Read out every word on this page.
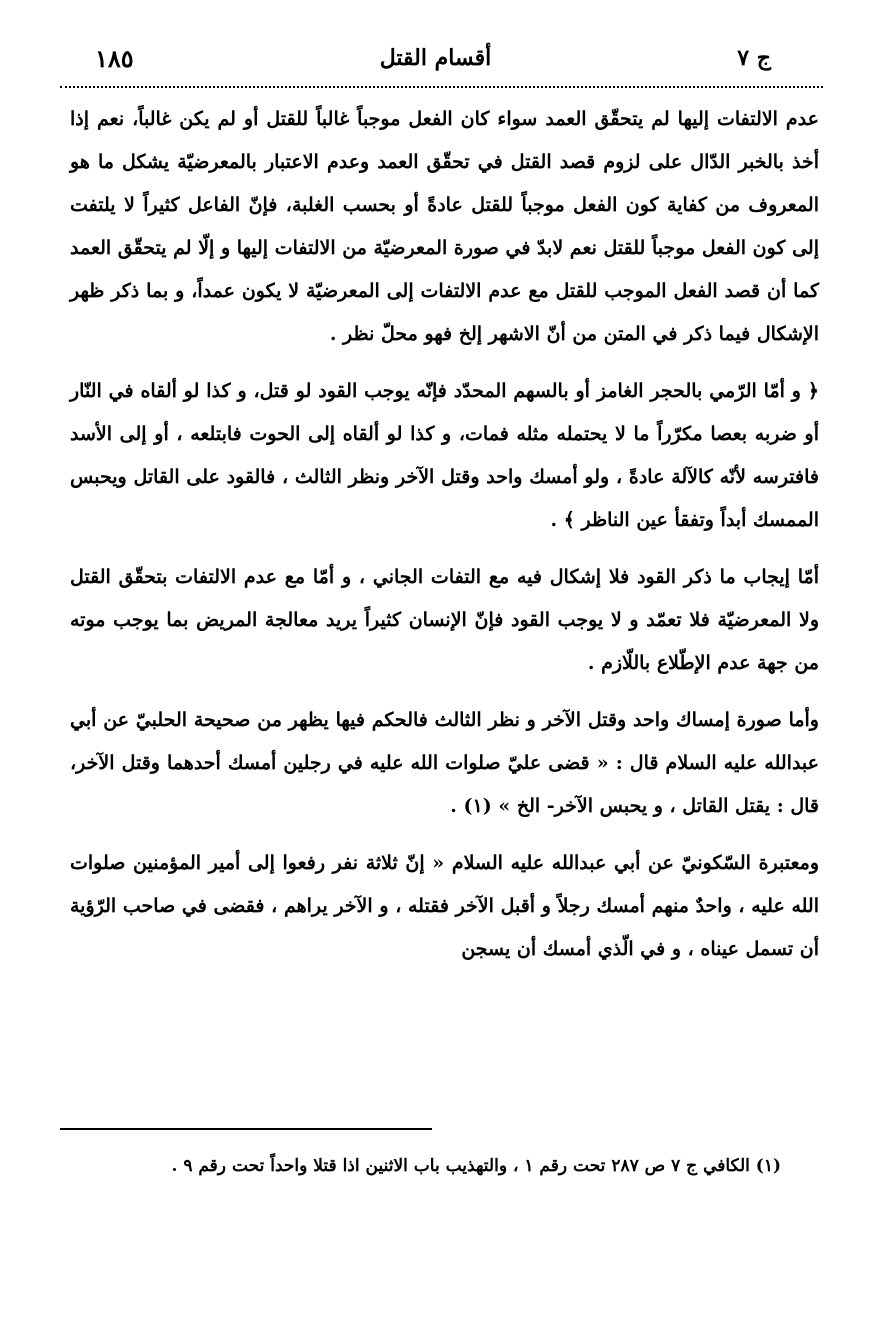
١٨٥	أقسام القتل	ج ٧

عدم الالتفات إليها لم يتحقّق العمد سواء كان الفعل موجباً غالباً للقتل أو لم يكن غالباً، نعم إذا أخذ بالخبر الدّال على لزوم قصد القتل في تحقّق العمد وعدم الاعتبار بالمعرضيّة يشكل ما هو المعروف من كفاية كون الفعل موجباً للقتل عادةً أو بحسب الغلبة، فإنّ الفاعل كثيراً لا يلتفت إلى كون الفعل موجباً للقتل نعم لابدّ في صورة المعرضيّة من الالتفات إليها و إلّا لم يتحقّق العمد كما أن قصد الفعل الموجب للقتل مع عدم الالتفات إلى المعرضيّة لا يكون عمداً، و بما ذكر ظهر الإشكال فيما ذكر في المتن من أنّ الاشهر إلخ فهو محلّ نظر .

﴿ و أمّا الرّمي بالحجر الغامز أو بالسهم المحدّد فإنّه يوجب القود لو قتل، و كذا لو ألقاه في النّار أو ضربه بعصا مكرّراً ما لا يحتمله مثله فمات، و كذا لو ألقاه إلى الحوت فابتلعه ، أو إلى الأسد فافترسه لأنّه كالآلة عادةً ، ولو أمسك واحد وقتل الآخر ونظر الثالث ، فالقود على القاتل ويحبس الممسك أبداً وتفقأ عين الناظر ﴾ .

أمّا إيجاب ما ذكر القود فلا إشكال فيه مع التفات الجاني ، و أمّا مع عدم الالتفات بتحقّق القتل ولا المعرضيّة فلا تعمّد و لا يوجب القود فإنّ الإنسان كثيراً يريد معالجة المريض بما يوجب موته من جهة عدم الإطّلاع باللّازم .

وأما صورة إمساك واحد وقتل الآخر و نظر الثالث فالحكم فيها يظهر من صحيحة الحلبيّ عن أبي عبدالله عليه السلام قال : « قضى عليّ صلوات الله عليه في رجلين أمسك أحدهما وقتل الآخر، قال : يقتل القاتل ، و يحبس الآخر- الخ » (١) .

ومعتبرة السّكونيّ عن أبي عبدالله عليه السلام « إنّ ثلاثة نفر رفعوا إلى أمير المؤمنين صلوات الله عليه ، واحدٌ منهم أمسك رجلاً و أقبل الآخر فقتله ، و الآخر يراهم ، فقضى في صاحب الرّؤية أن تسمل عيناه ، و في الّذي أمسك أن يسجن

(١) الكافي ج ٧ ص ٢٨٧ تحت رقم ١ ، والتهذيب باب الاثنين اذا قتلا واحداً تحت رقم ٩ .
